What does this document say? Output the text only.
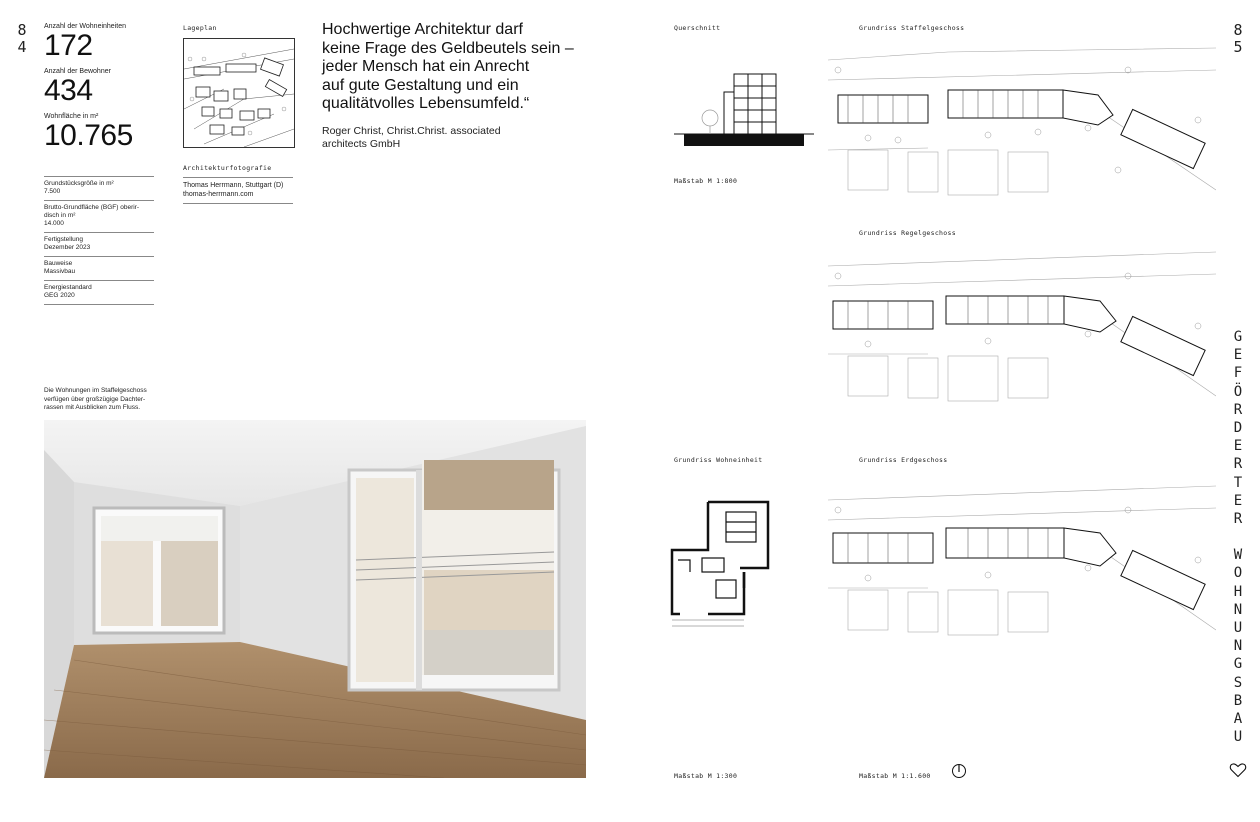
8
4
Anzahl der Wohneinheiten
172
Anzahl der Bewohner
434
Wohnfläche in m²
10.765
Grundstücksgröße in m²
7.500
Brutto-Grundfläche (BGF) oberir-
disch in m²
14.000
Fertigstellung
Dezember 2023
Bauweise
Massivbau
Energiestandard
GEG 2020
Lageplan
Architekturfotografie
Thomas Herrmann, Stuttgart (D)
thomas-herrmann.com
Hochwertige Architektur darf
keine Frage des Geldbeutels sein –
jeder Mensch hat ein Anrecht
auf gute Gestaltung und ein
qualitätvolles Lebensumfeld.“
Roger Christ, Christ.Christ. associated
architects GmbH
Die Wohnungen im Staffelgeschoss
verfügen über großzügige Dachter-
rassen mit Ausblicken zum Fluss.
Querschnitt
Maßstab M 1:800
Grundriss Staffelgeschoss
Grundriss Regelgeschoss
Grundriss Wohneinheit	Grundriss Erdgeschoss
Maßstab M 1:300	Maßstab M 1:1.600
8
5
G
E
F
Ö
R
D
E
R
T
E
R
W
O
H
N
U
N
G
S
B
A
U
